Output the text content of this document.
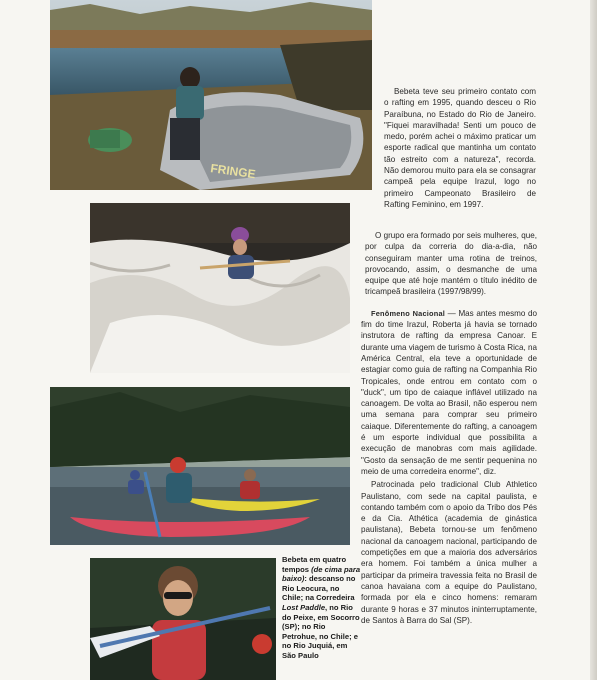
FRINGE

Bebeta teve seu primeiro contato com o rafting em 1995, quando desceu o Rio Paraíbuna, no Estado do Rio de Janeiro. "Fiquei maravilhada! Senti um pouco de medo, porém achei o máximo praticar um esporte radical que mantinha um contato tão estreito com a natureza", recorda. Não demorou muito para ela se consagrar campeã pela equipe Irazul, logo no primeiro Campeonato Brasileiro de Rafting Feminino, em 1997.

O grupo era formado por seis mulheres, que, por culpa da correria do dia-a-dia, não conseguiram manter uma rotina de treinos, provocando, assim, o desmanche de uma equipe que até hoje mantém o título inédito de tricampeã brasileira (1997/98/99).

Fenômeno Nacional — Mas antes mesmo do fim do time Irazul, Roberta já havia se tornado instrutora de rafting da empresa Canoar. E durante uma viagem de turismo à Costa Rica, na América Central, ela teve a oportunidade de estagiar como guia de rafting na Companhia Rio Tropicales, onde entrou em contato com o "duck", um tipo de caiaque inflável utilizado na canoagem. De volta ao Brasil, não esperou nem uma semana para comprar seu primeiro caiaque. Diferentemente do rafting, a canoagem é um esporte individual que possibilita a execução de manobras com mais agilidade. "Gosto da sensação de me sentir pequenina no meio de uma corredeira enorme", diz.

Patrocinada pelo tradicional Club Athletico Paulistano, com sede na capital paulista, e contando também com o apoio da Tribo dos Pés e da Cia. Athética (academia de ginástica paulistana), Bebeta tornou-se um fenômeno nacional da canoagem nacional, participando de competições em que a maioria dos adversários era homem. Foi também a única mulher a participar da primeira travessia feita no Brasil de canoa havaiana com a equipe do Paulistano, formada por ela e cinco homens: remaram durante 9 horas e 37 minutos ininterruptamente, de Santos à Barra do Sal (SP).

Bebeta em quatro tempos (de cima para baixo): descanso no Rio Leocura, no Chile; na Corredeira Lost Paddle, no Rio do Peixe, em Socorro (SP); no Rio Petrohue, no Chile; e no Rio Juquiá, em São Paulo
